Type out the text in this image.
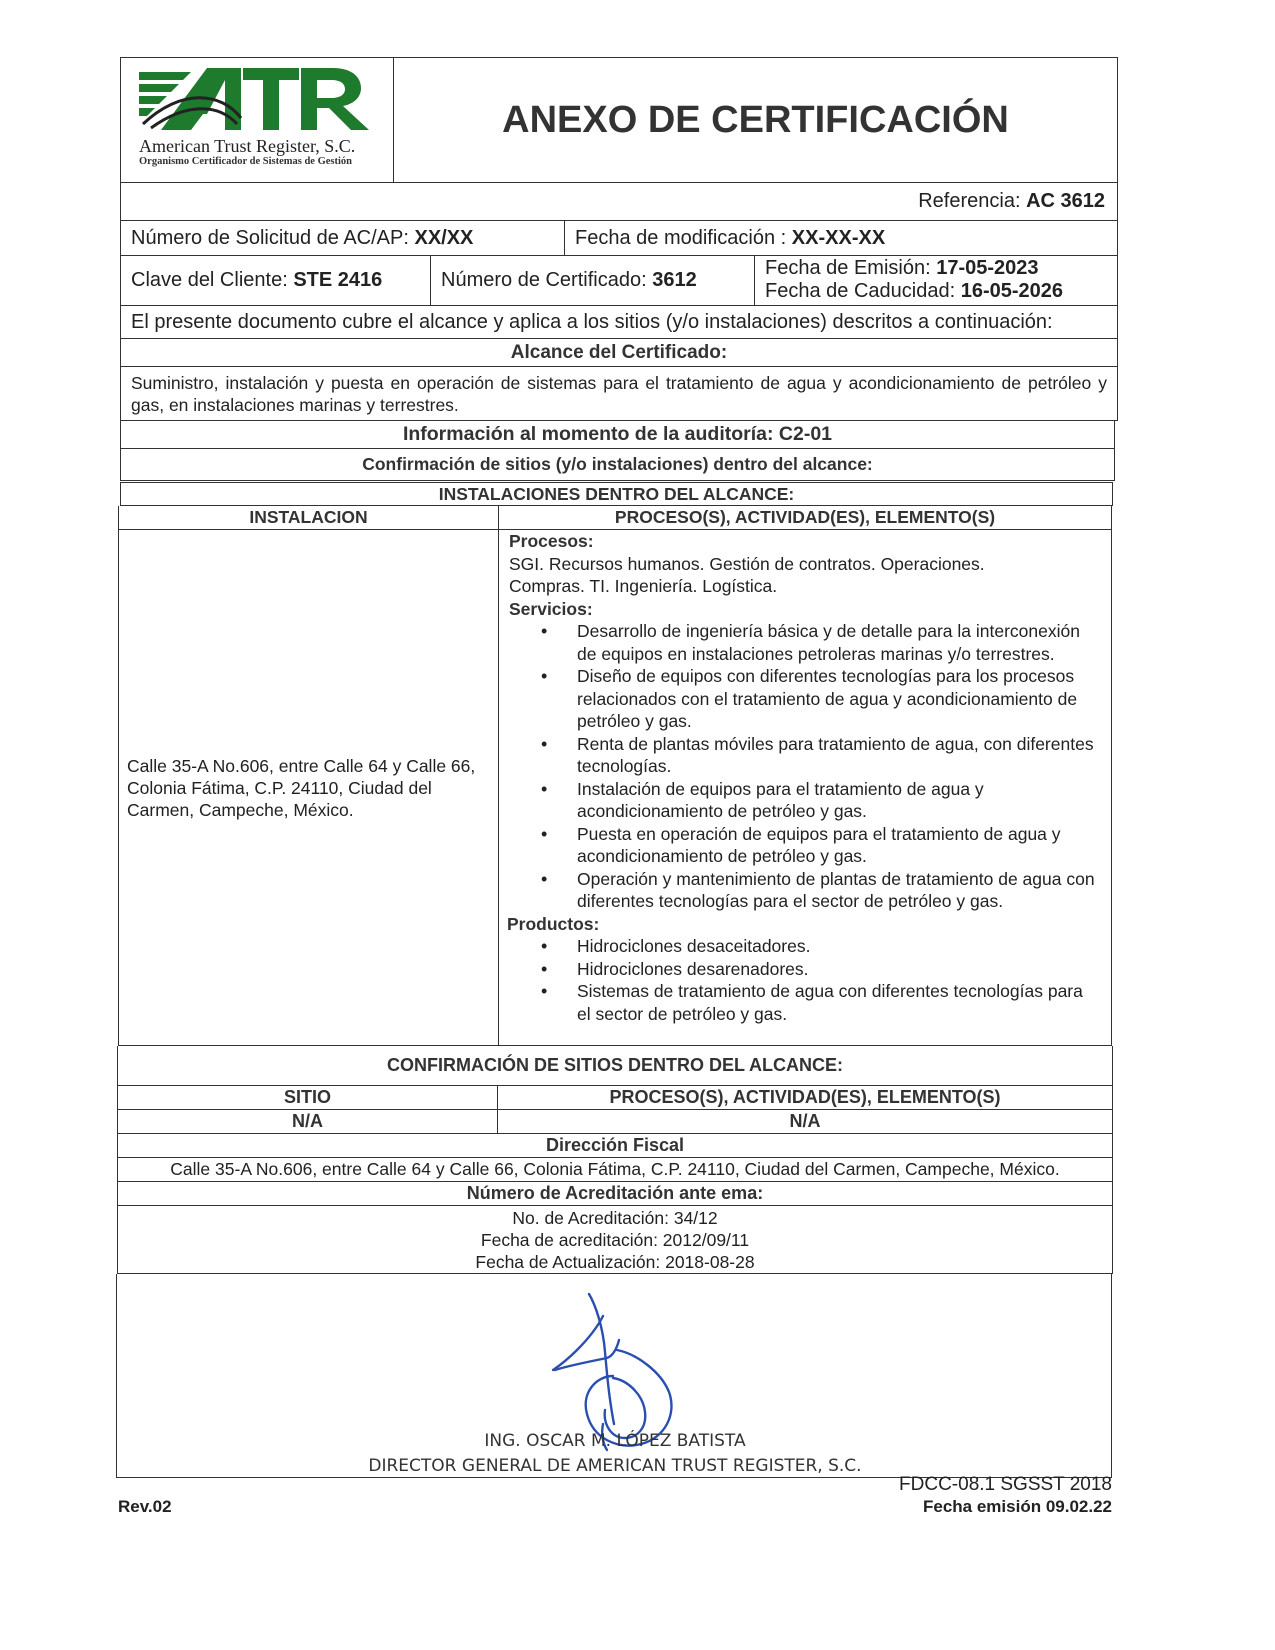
American Trust Register, S.C.
Organismo Certificador de Sistemas de Gestión
ANEXO DE CERTIFICACIÓN
Referencia: AC 3612
Número de Solicitud de AC/AP:
XX/XX	Fecha de modificación :
XX-XX-XX
Clave del Cliente:
STE 2416	Número de Certificado:
3612
Fecha de Emisión: 17-05-2023
Fecha de Caducidad: 16-05-2026
El presente documento cubre el alcance y aplica a los sitios (y/o instalaciones) descritos a continuación:
Alcance del Certificado:
Suministro, instalación y puesta en operación de sistemas para el tratamiento de agua y acondicionamiento de petróleo y gas, en instalaciones marinas y terrestres.
Información al momento de la auditoría: C2-01
Confirmación de sitios (y/o instalaciones) dentro del alcance:
INSTALACIONES DENTRO DEL ALCANCE:
INSTALACION	PROCESO(S), ACTIVIDAD(ES), ELEMENTO(S)
Calle 35-A No.606, entre Calle 64 y Calle 66, Colonia Fátima, C.P. 24110, Ciudad del Carmen, Campeche, México.
Procesos:
SGI. Recursos humanos. Gestión de contratos. Operaciones. Compras. TI. Ingeniería. Logística.
Servicios:
• Desarrollo de ingeniería básica y de detalle para la interconexión de equipos en instalaciones petroleras marinas y/o terrestres.
• Diseño de equipos con diferentes tecnologías para los procesos relacionados con el tratamiento de agua y acondicionamiento de petróleo y gas.
• Renta de plantas móviles para tratamiento de agua, con diferentes tecnologías.
• Instalación de equipos para el tratamiento de agua y acondicionamiento de petróleo y gas.
• Puesta en operación de equipos para el tratamiento de agua y acondicionamiento de petróleo y gas.
• Operación y mantenimiento de plantas de tratamiento de agua con diferentes tecnologías para el sector de petróleo y gas.
Productos:
• Hidrociclones desaceitadores.
• Hidrociclones desarenadores.
• Sistemas de tratamiento de agua con diferentes tecnologías para el sector de petróleo y gas.
CONFIRMACIÓN DE SITIOS DENTRO DEL ALCANCE:
SITIO	PROCESO(S), ACTIVIDAD(ES), ELEMENTO(S)
N/A	N/A
Dirección Fiscal
Calle 35-A No.606, entre Calle 64 y Calle 66, Colonia Fátima, C.P. 24110, Ciudad del Carmen, Campeche, México.
Número de Acreditación ante ema:
No. de Acreditación: 34/12
Fecha de acreditación: 2012/09/11
Fecha de Actualización: 2018-08-28
ING. OSCAR M. LÓPEZ BATISTA
DIRECTOR GENERAL DE AMERICAN TRUST REGISTER, S.C.
FDCC-08.1 SGSST 2018
Fecha emisión 09.02.22
Rev.02
